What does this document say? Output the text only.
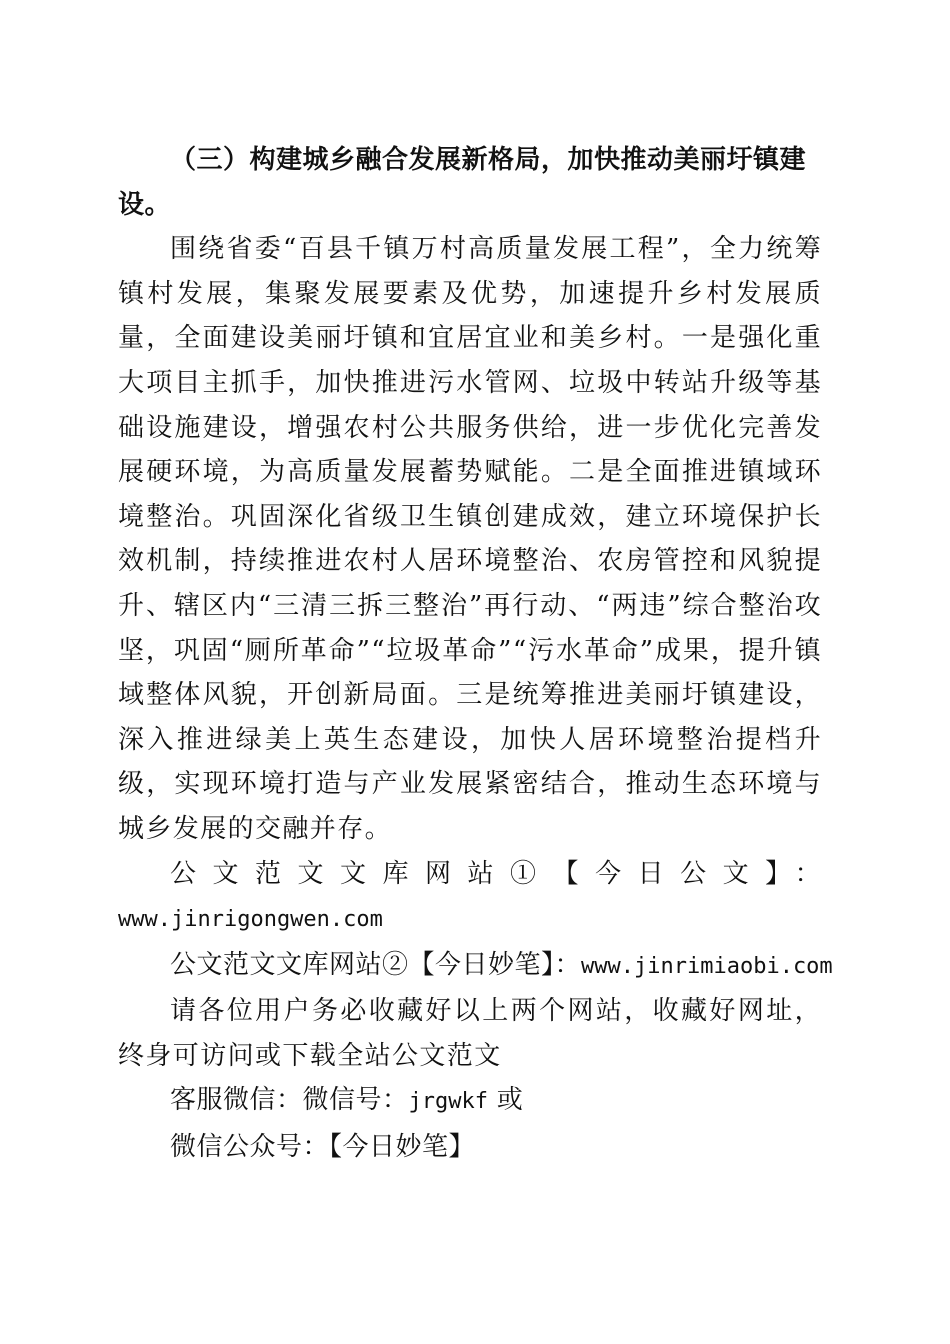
（三）构建城乡融合发展新格局，加快推动美丽圩镇建设。

围绕省委“百县千镇万村高质量发展工程”，全力统筹镇村发展，集聚发展要素及优势，加速提升乡村发展质量，全面建设美丽圩镇和宜居宜业和美乡村。一是强化重大项目主抓手，加快推进污水管网、垃圾中转站升级等基础设施建设，增强农村公共服务供给，进一步优化完善发展硬环境，为高质量发展蓄势赋能。二是全面推进镇域环境整治。巩固深化省级卫生镇创建成效，建立环境保护长效机制，持续推进农村人居环境整治、农房管控和风貌提升、辖区内“三清三拆三整治”再行动、“两违”综合整治攻坚，巩固“厕所革命”“垃圾革命”“污水革命”成果，提升镇域整体风貌，开创新局面。三是统筹推进美丽圩镇建设，深入推进绿美上英生态建设，加快人居环境整治提档升级，实现环境打造与产业发展紧密结合，推动生态环境与城乡发展的交融并存。

公文范文文库网站①【今日公文】：

www.jinrigongwen.com

公文范文文库网站②【今日妙笔】：www.jinrimiaobi.com

请各位用户务必收藏好以上两个网站，收藏好网址，终身可访问或下载全站公文范文

客服微信：微信号：jrgwkf 或

微信公众号：【今日妙笔】
